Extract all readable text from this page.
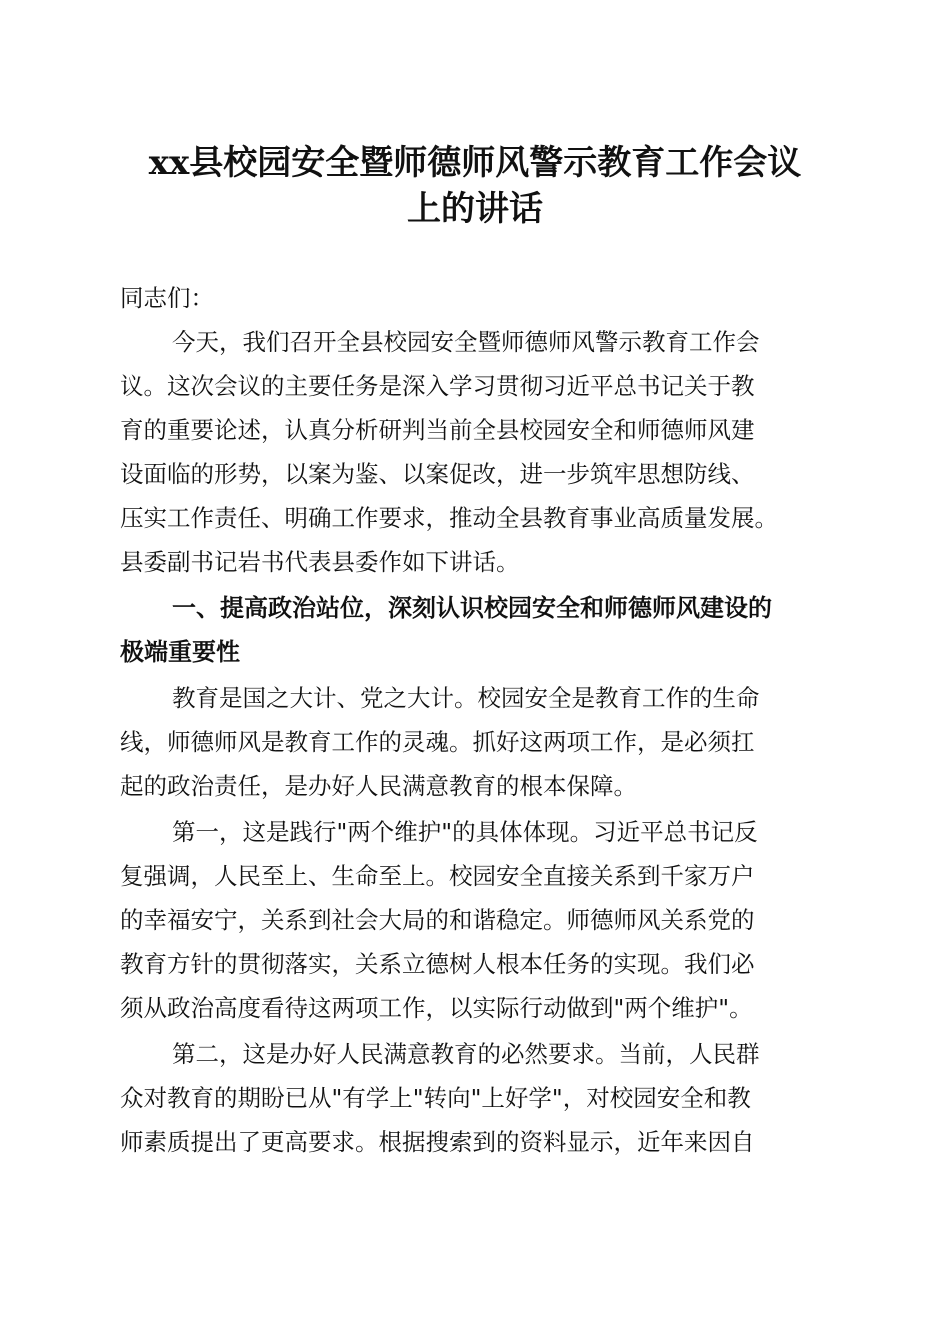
xx县校园安全暨师德师风警示教育工作会议
上的讲话
同志们：
今天，我们召开全县校园安全暨师德师风警示教育工作会
议。这次会议的主要任务是深入学习贯彻习近平总书记关于教
育的重要论述，认真分析研判当前全县校园安全和师德师风建
设面临的形势，以案为鉴、以案促改，进一步筑牢思想防线、
压实工作责任、明确工作要求，推动全县教育事业高质量发展。
县委副书记岩书代表县委作如下讲话。
一、提高政治站位，深刻认识校园安全和师德师风建设的
极端重要性
教育是国之大计、党之大计。校园安全是教育工作的生命
线，师德师风是教育工作的灵魂。抓好这两项工作，是必须扛
起的政治责任，是办好人民满意教育的根本保障。
第一，这是践行"两个维护"的具体体现。习近平总书记反
复强调，人民至上、生命至上。校园安全直接关系到千家万户
的幸福安宁，关系到社会大局的和谐稳定。师德师风关系党的
教育方针的贯彻落实，关系立德树人根本任务的实现。我们必
须从政治高度看待这两项工作，以实际行动做到"两个维护"。
第二，这是办好人民满意教育的必然要求。当前，人民群
众对教育的期盼已从"有学上"转向"上好学"，对校园安全和教
师素质提出了更高要求。根据搜索到的资料显示，近年来因自
